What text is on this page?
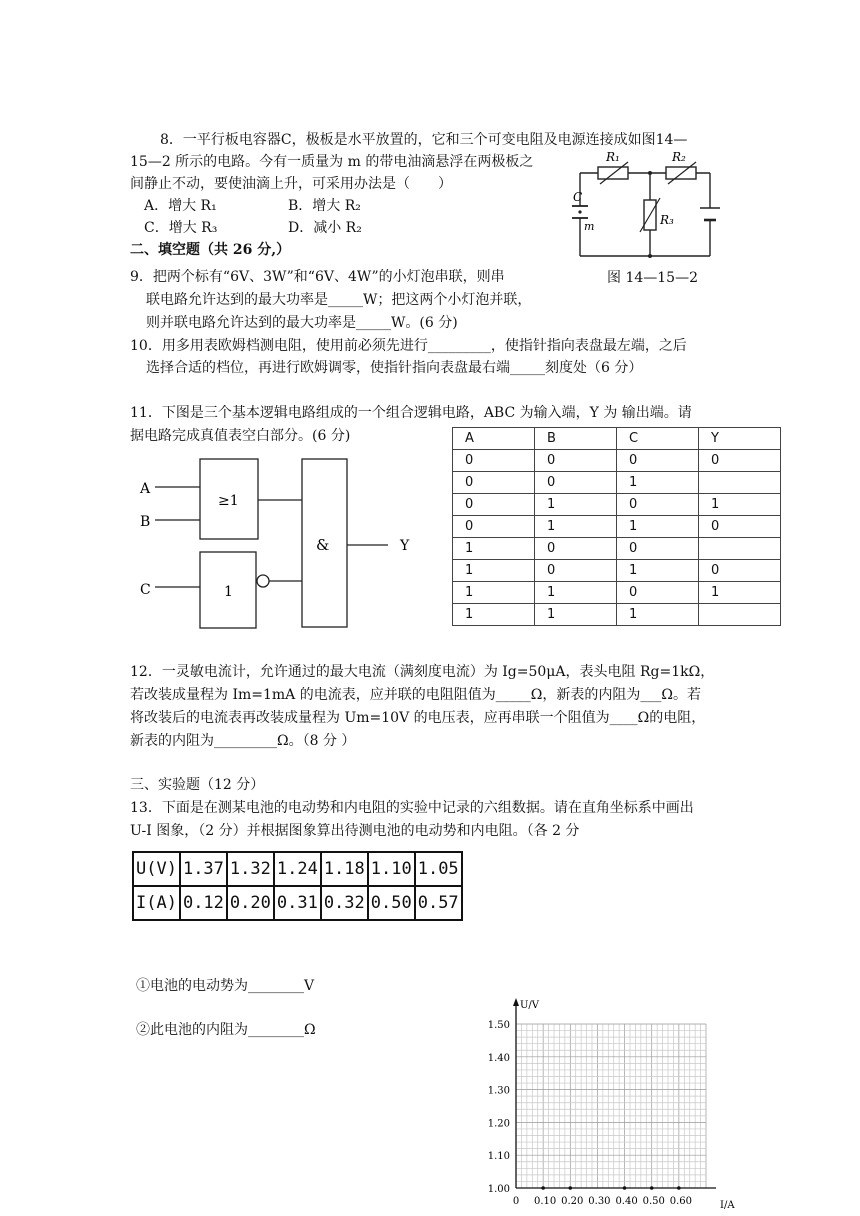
8．一平行板电容器C，极板是水平放置的，它和三个可变电阻及电源连接成如图14—
15—2 所示的电路。今有一质量为 m 的带电油滴悬浮在两极板之
间静止不动，要使油滴上升，可采用办法是（　　）
A．增大 R₁	B．增大 R₂
C．增大 R₃	D．减小 R₂
R₁	R₂
R₃
C
m
图 14—15—2
二、填空题（共 26 分,）
9．把两个标有“6V、3W”和“6V、4W”的小灯泡串联，则串
联电路允许达到的最大功率是_____W；把这两个小灯泡并联，
则并联电路允许达到的最大功率是_____W。(6 分)
10．用多用表欧姆档测电阻，使用前必须先进行_________，使指针指向表盘最左端，之后
选择合适的档位，再进行欧姆调零，使指针指向表盘最右端_____刻度处（6 分）
11．下图是三个基本逻辑电路组成的一个组合逻辑电路，ABC 为输入端，Y 为 输出端。请
据电路完成真值表空白部分。(6 分)
A
B
C
≥1
1
&	Y
A	B	C	Y
0	0	0	0
0	0	1	
0	1	0	1
0	1	1	0
1	0	0	
1	0	1	0
1	1	0	1
1	1	1	
12．一灵敏电流计，允许通过的最大电流（满刻度电流）为 Ig=50μA，表头电阻 Rg=1kΩ，
若改装成量程为 Im=1mA 的电流表，应并联的电阻阻值为_____Ω，新表的内阻为___Ω。若
将改装后的电流表再改装成量程为 Um=10V 的电压表，应再串联一个阻值为____Ω的电阻，
新表的内阻为_________Ω。（8 分 ）
三、实验题（12 分）
13．下面是在测某电池的电动势和内电阻的实验中记录的六组数据。请在直角坐标系中画出
U-I 图象，（2 分）并根据图象算出待测电池的电动势和内电阻。（各 2 分
U(V)	1.37	1.32	1.24	1.18	1.10	1.05
I(A)	0.12	0.20	0.31	0.32	0.50	0.57
①电池的电动势为________V
②此电池的内阻为________Ω
1.00
1.10
1.20
1.30
1.40
1.50
0 0.10 0.20 0.30 0.40 0.50 0.60
U/V
I/A
